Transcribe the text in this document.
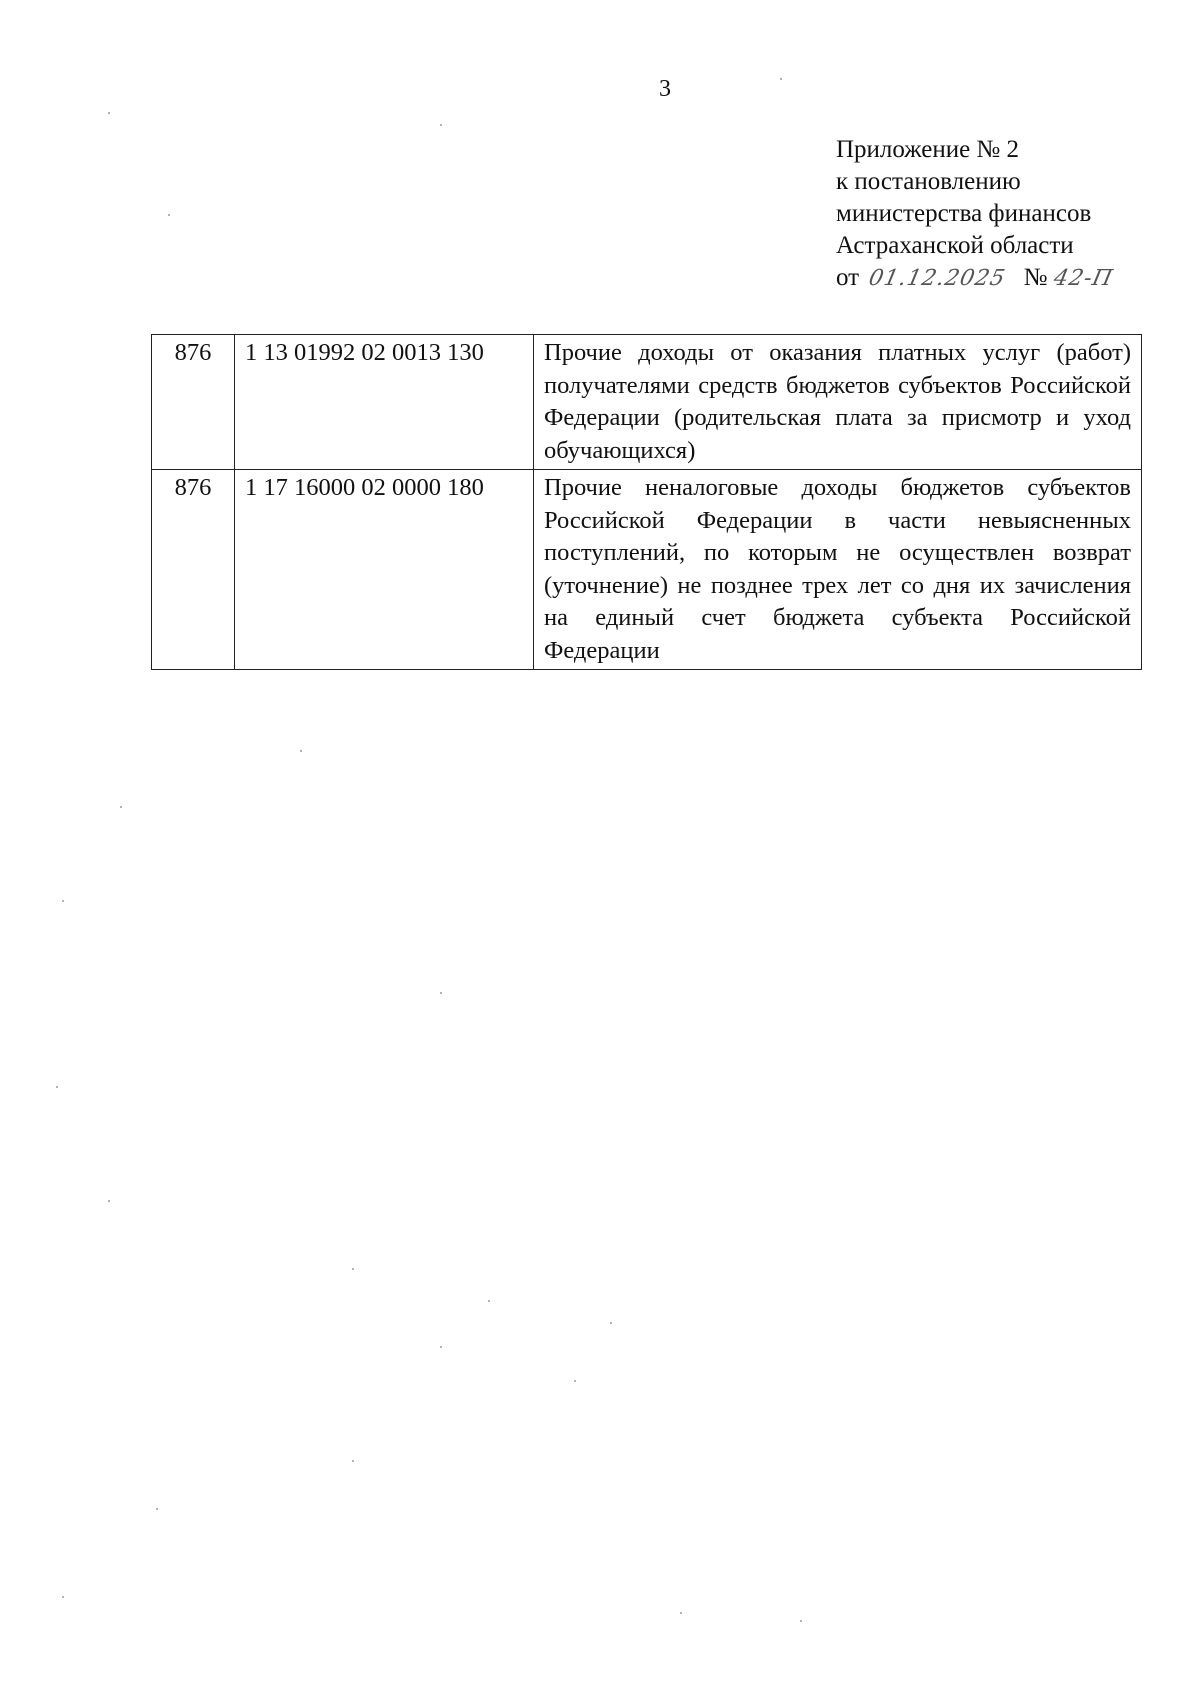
3
Приложение № 2
к постановлению
министерства финансов
Астраханской области
от 01.12.2025 № 42-П
876	1 13 01992 02 0013 130	Прочие доходы от оказания платных услуг (работ) получателями средств бюджетов субъектов Российской Федерации (родительская плата за присмотр и уход обучающихся)
876	1 17 16000 02 0000 180	Прочие неналоговые доходы бюджетов субъектов Российской Федерации в части невыясненных поступлений, по которым не осуществлен возврат (уточнение) не позднее трех лет со дня их зачисления на единый счет бюджета субъекта Российской Федерации
